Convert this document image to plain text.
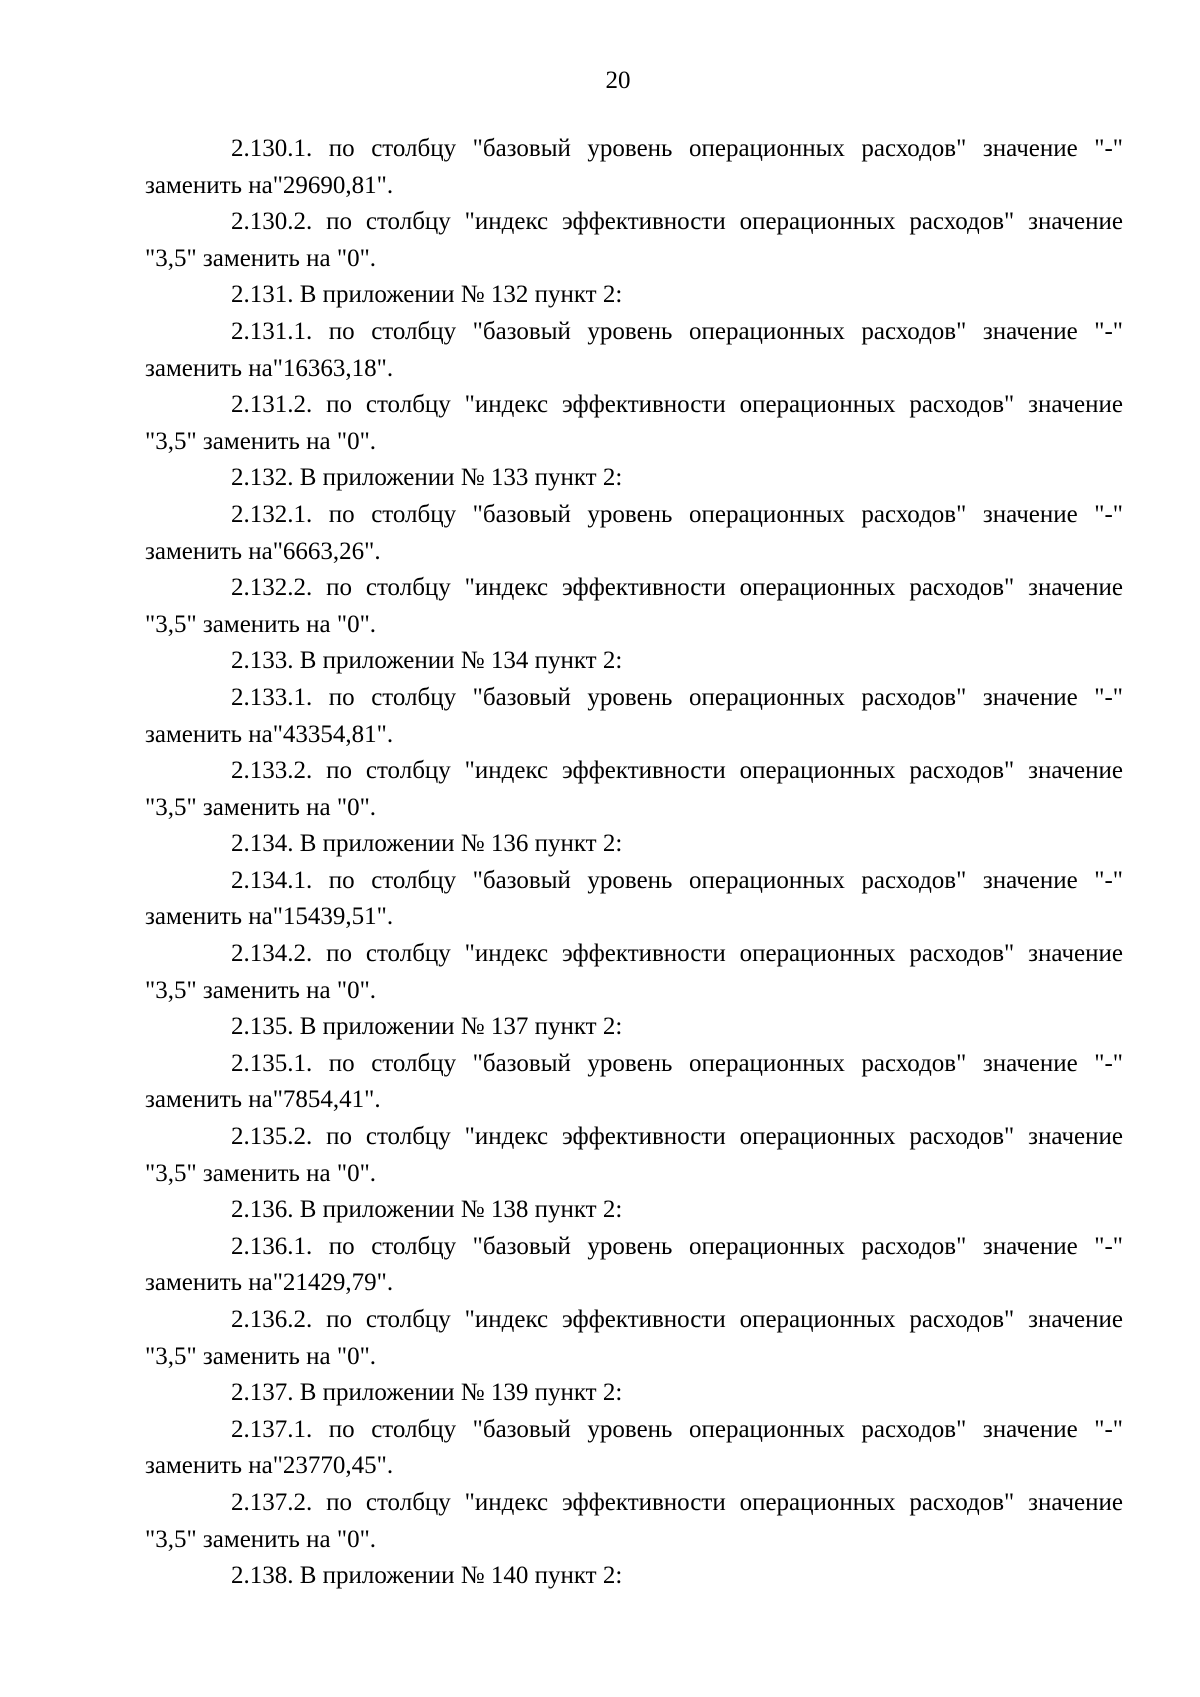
20

2.130.1. по столбцу "базовый уровень операционных расходов" значение "-" заменить на"29690,81".

2.130.2. по столбцу "индекс эффективности операционных расходов" значение "3,5" заменить на "0".

2.131. В приложении № 132 пункт 2:

2.131.1. по столбцу "базовый уровень операционных расходов" значение "-" заменить на"16363,18".

2.131.2. по столбцу "индекс эффективности операционных расходов" значение "3,5" заменить на "0".

2.132. В приложении № 133 пункт 2:

2.132.1. по столбцу "базовый уровень операционных расходов" значение "-" заменить на"6663,26".

2.132.2. по столбцу "индекс эффективности операционных расходов" значение "3,5" заменить на "0".

2.133. В приложении № 134 пункт 2:

2.133.1. по столбцу "базовый уровень операционных расходов" значение "-" заменить на"43354,81".

2.133.2. по столбцу "индекс эффективности операционных расходов" значение "3,5" заменить на "0".

2.134. В приложении № 136 пункт 2:

2.134.1. по столбцу "базовый уровень операционных расходов" значение "-" заменить на"15439,51".

2.134.2. по столбцу "индекс эффективности операционных расходов" значение "3,5" заменить на "0".

2.135. В приложении № 137 пункт 2:

2.135.1. по столбцу "базовый уровень операционных расходов" значение "-" заменить на"7854,41".

2.135.2. по столбцу "индекс эффективности операционных расходов" значение "3,5" заменить на "0".

2.136. В приложении № 138 пункт 2:

2.136.1. по столбцу "базовый уровень операционных расходов" значение "-" заменить на"21429,79".

2.136.2. по столбцу "индекс эффективности операционных расходов" значение "3,5" заменить на "0".

2.137. В приложении № 139 пункт 2:

2.137.1. по столбцу "базовый уровень операционных расходов" значение "-" заменить на"23770,45".

2.137.2. по столбцу "индекс эффективности операционных расходов" значение "3,5" заменить на "0".

2.138. В приложении № 140 пункт 2:
